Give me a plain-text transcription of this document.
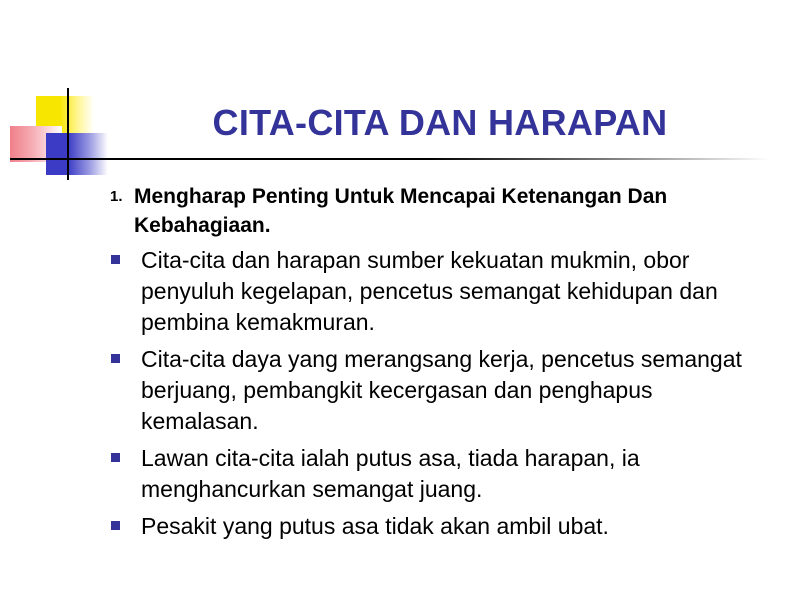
CITA-CITA DAN HARAPAN
1. Mengharap Penting Untuk Mencapai Ketenangan Dan Kebahagiaan.
Cita-cita dan harapan sumber kekuatan mukmin, obor penyuluh kegelapan, pencetus semangat kehidupan dan pembina kemakmuran.
Cita-cita daya yang merangsang kerja, pencetus semangat berjuang, pembangkit kecergasan dan penghapus kemalasan.
Lawan cita-cita ialah putus asa, tiada harapan, ia menghancurkan semangat juang.
Pesakit yang putus asa tidak akan ambil ubat.
